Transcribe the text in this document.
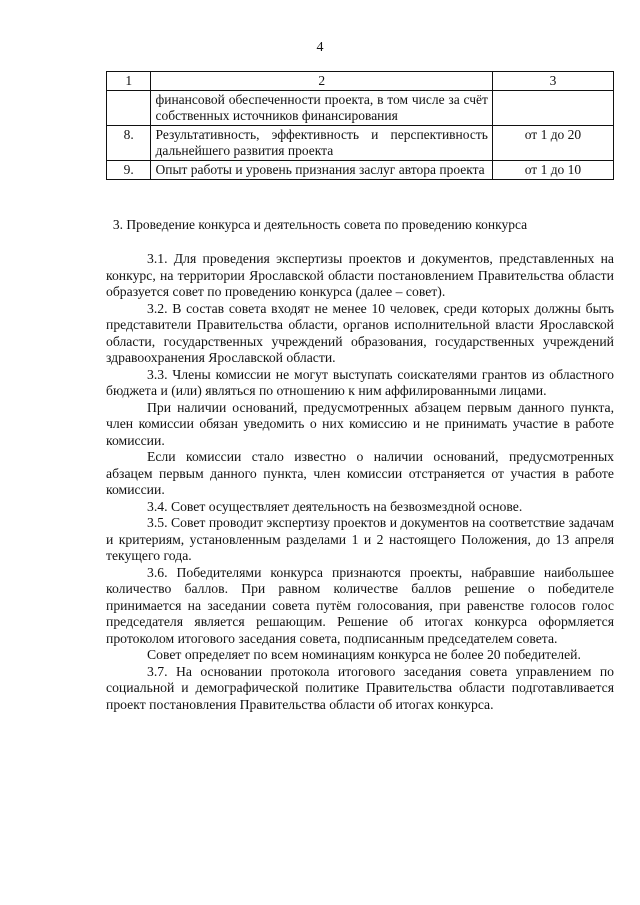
4
1	2	3
	финансовой обеспеченности проекта, в том числе за счёт собственных источников финансирования	
8.	Результативность, эффективность и перспективность дальнейшего развития проекта	от 1 до 20
9.	Опыт работы и уровень признания заслуг автора проекта	от 1 до 10
3. Проведение конкурса и деятельность совета по проведению конкурса

3.1. Для проведения экспертизы проектов и документов, представленных на конкурс, на территории Ярославской области постановлением Правительства области образуется совет по проведению конкурса (далее – совет).

3.2. В состав совета входят не менее 10 человек, среди которых должны быть представители Правительства области, органов исполнительной власти Ярославской области, государственных учреждений образования, государственных учреждений здравоохранения Ярославской области.

3.3. Члены комиссии не могут выступать соискателями грантов из областного бюджета и (или) являться по отношению к ним аффилированными лицами.

При наличии оснований, предусмотренных абзацем первым данного пункта, член комиссии обязан уведомить о них комиссию и не принимать участие в работе комиссии.

Если комиссии стало известно о наличии оснований, предусмотренных абзацем первым данного пункта, член комиссии отстраняется от участия в работе комиссии.

3.4. Совет осуществляет деятельность на безвозмездной основе.

3.5. Совет проводит экспертизу проектов и документов на соответствие задачам и критериям, установленным разделами 1 и 2 настоящего Положения, до 13 апреля текущего года.

3.6. Победителями конкурса признаются проекты, набравшие наибольшее количество баллов. При равном количестве баллов решение о победителе принимается на заседании совета путём голосования, при равенстве голосов голос председателя является решающим. Решение об итогах конкурса оформляется протоколом итогового заседания совета, подписанным председателем совета.

Совет определяет по всем номинациям конкурса не более 20 победителей.

3.7. На основании протокола итогового заседания совета управлением по социальной и демографической политике Правительства области подготавливается проект постановления Правительства области об итогах конкурса.
